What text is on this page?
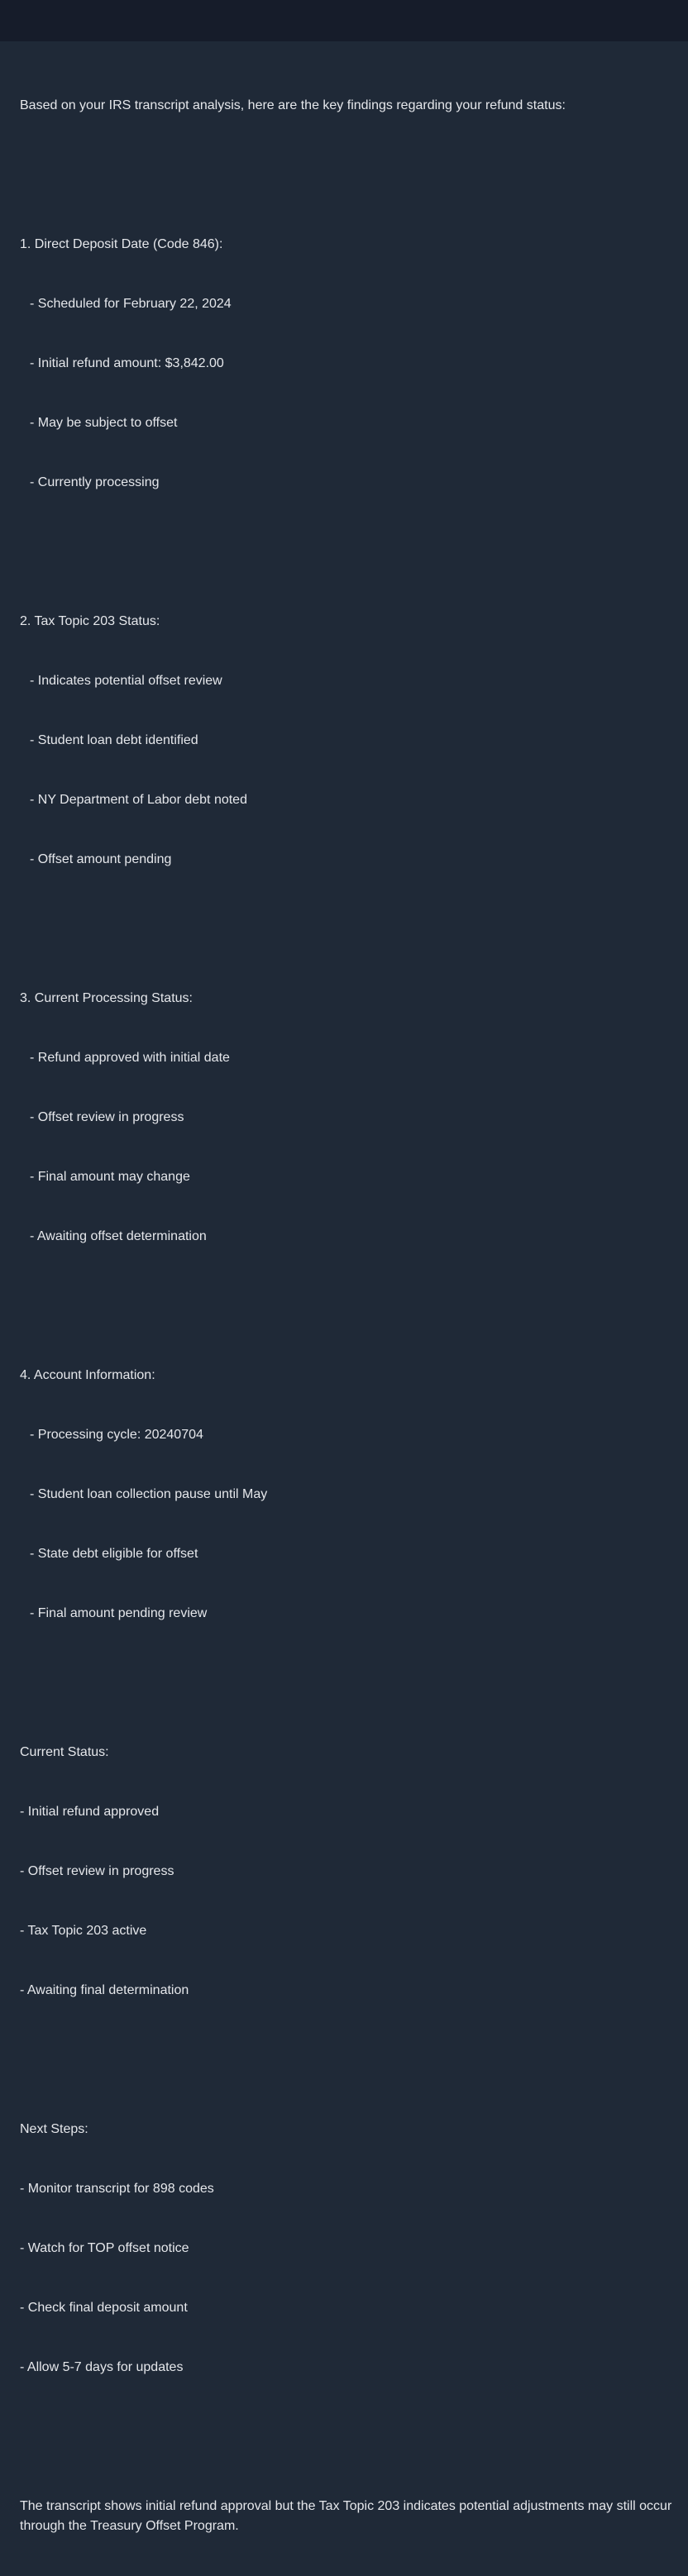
Based on your IRS transcript analysis, here are the key findings regarding your refund status:

1. Direct Deposit Date (Code 846):

- Scheduled for February 22, 2024

- Initial refund amount: $3,842.00

- May be subject to offset

- Currently processing

2. Tax Topic 203 Status:

- Indicates potential offset review

- Student loan debt identified

- NY Department of Labor debt noted

- Offset amount pending

3. Current Processing Status:

- Refund approved with initial date

- Offset review in progress

- Final amount may change

- Awaiting offset determination

4. Account Information:

- Processing cycle: 20240704

- Student loan collection pause until May

- State debt eligible for offset

- Final amount pending review

Current Status:

- Initial refund approved

- Offset review in progress

- Tax Topic 203 active

- Awaiting final determination

Next Steps:

- Monitor transcript for 898 codes

- Watch for TOP offset notice

- Check final deposit amount

- Allow 5-7 days for updates

The transcript shows initial refund approval but the Tax Topic 203 indicates potential adjustments may still occur through the Treasury Offset Program.
